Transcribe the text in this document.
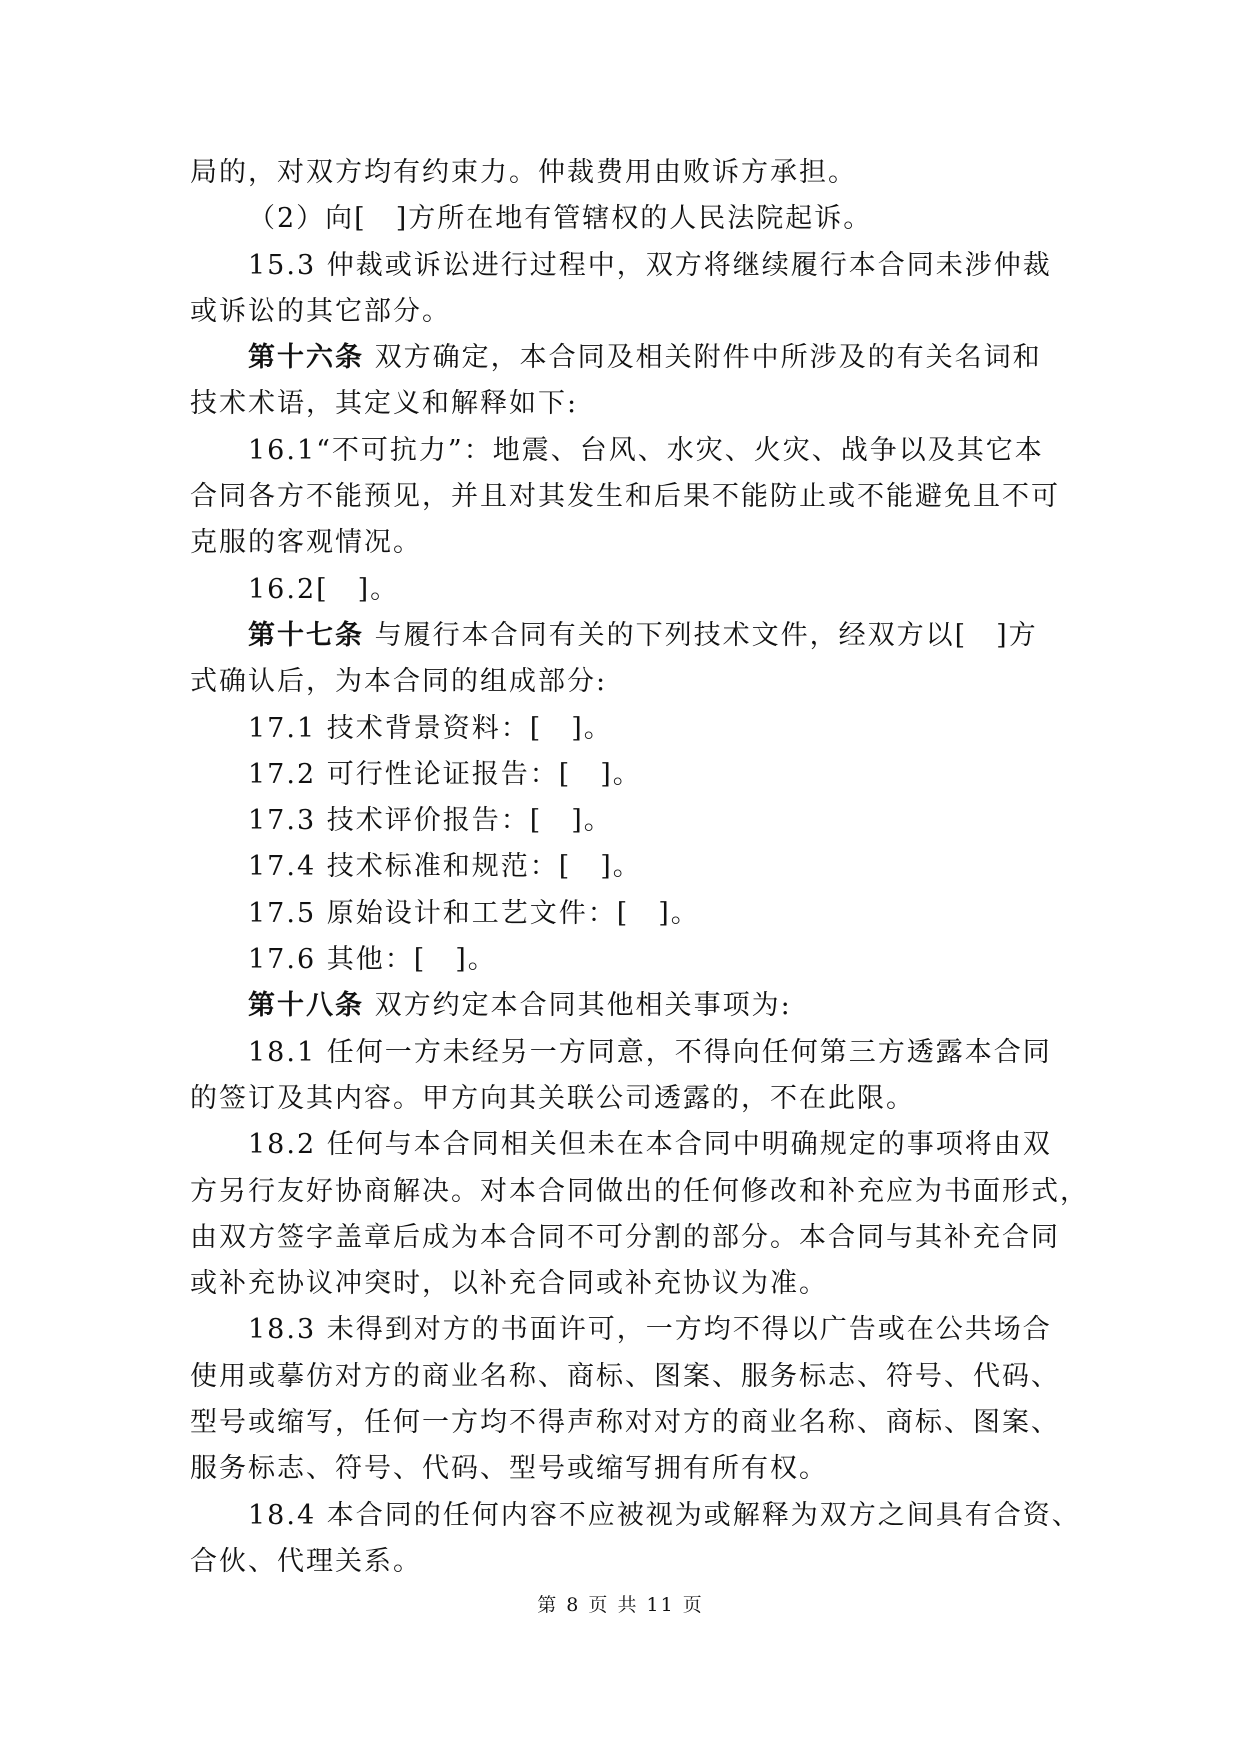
局的，对双方均有约束力。仲裁费用由败诉方承担。
（2）向[　]方所在地有管辖权的人民法院起诉。
15.3 仲裁或诉讼进行过程中，双方将继续履行本合同未涉仲裁
或诉讼的其它部分。
第十六条 双方确定，本合同及相关附件中所涉及的有关名词和
技术术语，其定义和解释如下:
16.1“不可抗力”：地震、台风、水灾、火灾、战争以及其它本
合同各方不能预见，并且对其发生和后果不能防止或不能避免且不可
克服的客观情况。
16.2[　]。
第十七条 与履行本合同有关的下列技术文件，经双方以[　]方
式确认后，为本合同的组成部分:
17.1 技术背景资料：[　]。
17.2 可行性论证报告：[　]。
17.3 技术评价报告：[　]。
17.4 技术标准和规范：[　]。
17.5 原始设计和工艺文件：[　]。
17.6 其他：[　]。
第十八条 双方约定本合同其他相关事项为:
18.1 任何一方未经另一方同意，不得向任何第三方透露本合同
的签订及其内容。甲方向其关联公司透露的，不在此限。
18.2 任何与本合同相关但未在本合同中明确规定的事项将由双
方另行友好协商解决。对本合同做出的任何修改和补充应为书面形式，
由双方签字盖章后成为本合同不可分割的部分。本合同与其补充合同
或补充协议冲突时，以补充合同或补充协议为准。
18.3 未得到对方的书面许可，一方均不得以广告或在公共场合
使用或摹仿对方的商业名称、商标、图案、服务标志、符号、代码、
型号或缩写，任何一方均不得声称对对方的商业名称、商标、图案、
服务标志、符号、代码、型号或缩写拥有所有权。
18.4 本合同的任何内容不应被视为或解释为双方之间具有合资、
合伙、代理关系。
第 8 页 共 11 页
